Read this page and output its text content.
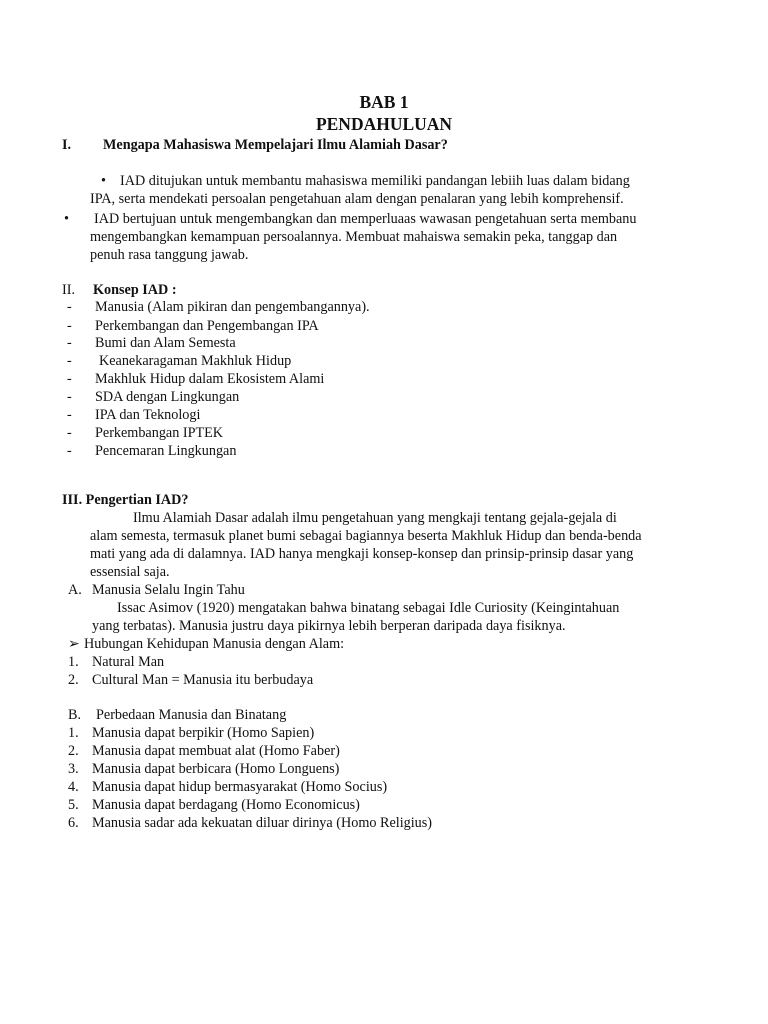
BAB 1
PENDAHULUAN
I. Mengapa Mahasiswa Mempelajari Ilmu Alamiah Dasar?
• IAD ditujukan untuk membantu mahasiswa memiliki pandangan lebiih luas dalam bidang
IPA, serta mendekati persoalan pengetahuan alam dengan penalaran yang lebih komprehensif.
• IAD bertujuan untuk mengembangkan dan memperluaas wawasan pengetahuan serta membanu
mengembangkan kemampuan persoalannya. Membuat mahaiswa semakin peka, tanggap dan
penuh rasa tanggung jawab.
II. Konsep IAD :
- Manusia (Alam pikiran dan pengembangannya).
- Perkembangan dan Pengembangan IPA
- Bumi dan Alam Semesta
- Keanekaragaman Makhluk Hidup
- Makhluk Hidup dalam Ekosistem Alami
- SDA dengan Lingkungan
- IPA dan Teknologi
- Perkembangan IPTEK
- Pencemaran Lingkungan
III. Pengertian IAD?
Ilmu Alamiah Dasar adalah ilmu pengetahuan yang mengkaji tentang gejala-gejala di
alam semesta, termasuk planet bumi sebagai bagiannya beserta Makhluk Hidup dan benda-benda
mati yang ada di dalamnya. IAD hanya mengkaji konsep-konsep dan prinsip-prinsip dasar yang
essensial saja.
A. Manusia Selalu Ingin Tahu
Issac Asimov (1920) mengatakan bahwa binatang sebagai Idle Curiosity (Keingintahuan
yang terbatas). Manusia justru daya pikirnya lebih berperan daripada daya fisiknya.
➢ Hubungan Kehidupan Manusia dengan Alam:
1. Natural Man
2. Cultural Man = Manusia itu berbudaya
B. Perbedaan Manusia dan Binatang
1. Manusia dapat berpikir (Homo Sapien)
2. Manusia dapat membuat alat (Homo Faber)
3. Manusia dapat berbicara (Homo Longuens)
4. Manusia dapat hidup bermasyarakat (Homo Socius)
5. Manusia dapat berdagang (Homo Economicus)
6. Manusia sadar ada kekuatan diluar dirinya (Homo Religius)
